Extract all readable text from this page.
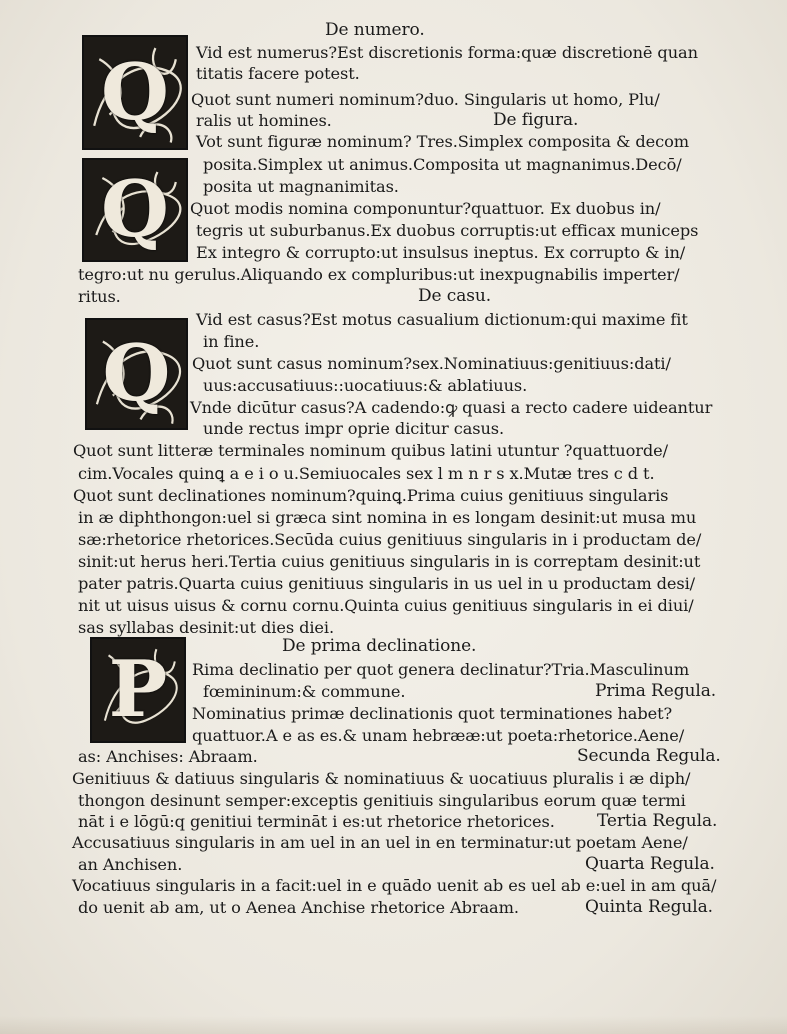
De numero.
Q
Q
Q
P
Vid est numerus?Est discretionis forma:quæ discretionē quan
titatis facere potest.
Quot sunt numeri nominum?duo. Singularis ut homo, Plu/
ralis ut homines.	De figura.
Vot sunt figuræ nominum? Tres.Simplex composita & decom
posita.Simplex ut animus.Composita ut magnanimus.Decō/
posita ut magnanimitas.
Quot modis nomina componuntur?quattuor. Ex duobus in/
tegris ut suburbanus.Ex duobus corruptis:ut efficax municeps
Ex integro & corrupto:ut insulsus ineptus. Ex corrupto & in/
tegro:ut nu gerulus.Aliquando ex compluribus:ut inexpugnabilis imperter/
ritus.	De casu.
Vid est casus?Est motus casualium dictionum:qui maxime fit
in fine.
Quot sunt casus nominum?sex.Nominatiuus:genitiuus:dati/
uus:accusatiuus::uocatiuus:& ablatiuus.
Vnde dicūtur casus?A cadendo:ꝙ quasi a recto cadere uideantur
unde rectus impr oprie dicitur casus.
Quot sunt litteræ terminales nominum quibus latini utuntur ?quattuorde/
cim.Vocales quinꝗ a e i o u.Semiuocales sex l m n r s x.Mutæ tres c d t.
Quot sunt declinationes nominum?quinꝗ.Prima cuius genitiuus singularis
in æ diphthongon:uel si græca sint nomina in es longam desinit:ut musa mu
sæ:rhetorice rhetorices.Secūda cuius genitiuus singularis in i productam de/
sinit:ut herus heri.Tertia cuius genitiuus singularis in is correptam desinit:ut
pater patris.Quarta cuius genitiuus singularis in us uel in u productam desi/
nit ut uisus uisus & cornu cornu.Quinta cuius genitiuus singularis in ei diui/
sas syllabas desinit:ut dies diei.
De prima declinatione.
Rima declinatio per quot genera declinatur?Tria.Masculinum
fœmininum:& commune.	Prima Regula.
Nominatius primæ declinationis quot terminationes habet?
quattuor.A e as es.& unam hebrææ:ut poeta:rhetorice.Aene/
as: Anchises: Abraam.	Secunda Regula.
Genitiuus & datiuus singularis & nominatiuus & uocatiuus pluralis i æ diph/
thongon desinunt semper:exceptis genitiuis singularibus eorum quæ termi
nāt i e lōgū:q genitiui termināt i es:ut rhetorice rhetorices. Tertia Regula.
Accusatiuus singularis in am uel in an uel in en terminatur:ut poetam Aene/
an Anchisen.	Quarta Regula.
Vocatiuus singularis in a facit:uel in e quādo uenit ab es uel ab e:uel in am quā/
do uenit ab am, ut o Aenea Anchise rhetorice Abraam.	Quinta Regula.
